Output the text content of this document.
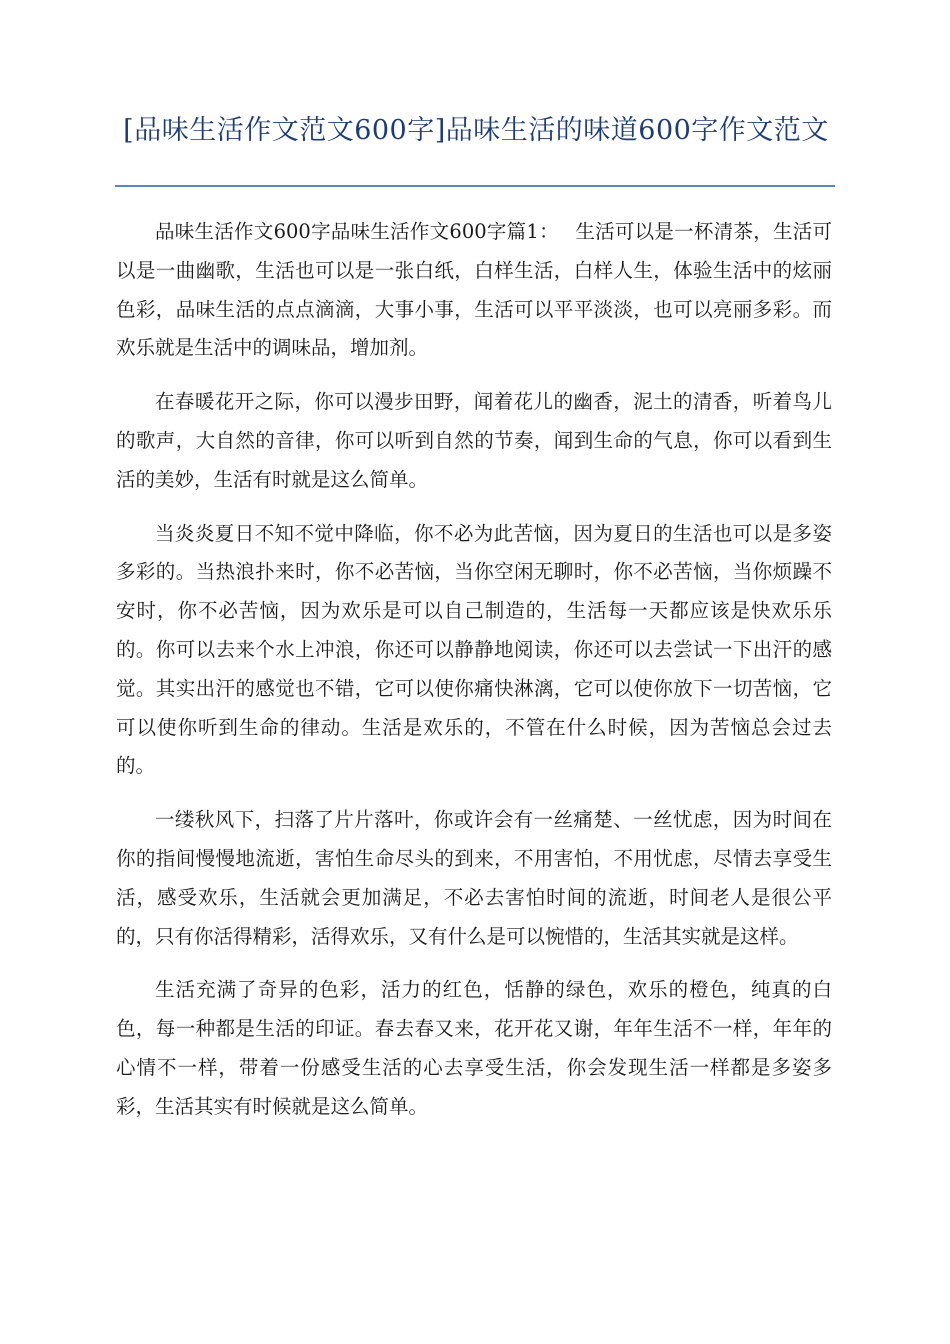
[品味生活作文范文600字]品味生活的味道600字作文范文

品味生活作文600字品味生活作文600字篇1：　 生活可以是一杯清茶，生活可以是一曲幽歌，生活也可以是一张白纸，白样生活，白样人生，体验生活中的炫丽色彩，品味生活的点点滴滴，大事小事，生活可以平平淡淡，也可以亮丽多彩。而欢乐就是生活中的调味品，增加剂。

在春暖花开之际，你可以漫步田野，闻着花儿的幽香，泥土的清香，听着鸟儿的歌声，大自然的音律，你可以听到自然的节奏，闻到生命的气息，你可以看到生活的美妙，生活有时就是这么简单。

当炎炎夏日不知不觉中降临，你不必为此苦恼，因为夏日的生活也可以是多姿多彩的。当热浪扑来时，你不必苦恼，当你空闲无聊时，你不必苦恼，当你烦躁不安时，你不必苦恼，因为欢乐是可以自己制造的，生活每一天都应该是快欢乐乐的。你可以去来个水上冲浪，你还可以静静地阅读，你还可以去尝试一下出汗的感觉。其实出汗的感觉也不错，它可以使你痛快淋漓，它可以使你放下一切苦恼，它可以使你听到生命的律动。生活是欢乐的，不管在什么时候，因为苦恼总会过去的。

一缕秋风下，扫落了片片落叶，你或许会有一丝痛楚、一丝忧虑，因为时间在你的指间慢慢地流逝，害怕生命尽头的到来，不用害怕，不用忧虑，尽情去享受生活，感受欢乐，生活就会更加满足，不必去害怕时间的流逝，时间老人是很公平的，只有你活得精彩，活得欢乐，又有什么是可以惋惜的，生活其实就是这样。

生活充满了奇异的色彩，活力的红色，恬静的绿色，欢乐的橙色，纯真的白色，每一种都是生活的印证。春去春又来，花开花又谢，年年生活不一样，年年的心情不一样，带着一份感受生活的心去享受生活，你会发现生活一样都是多姿多彩，生活其实有时候就是这么简单。
